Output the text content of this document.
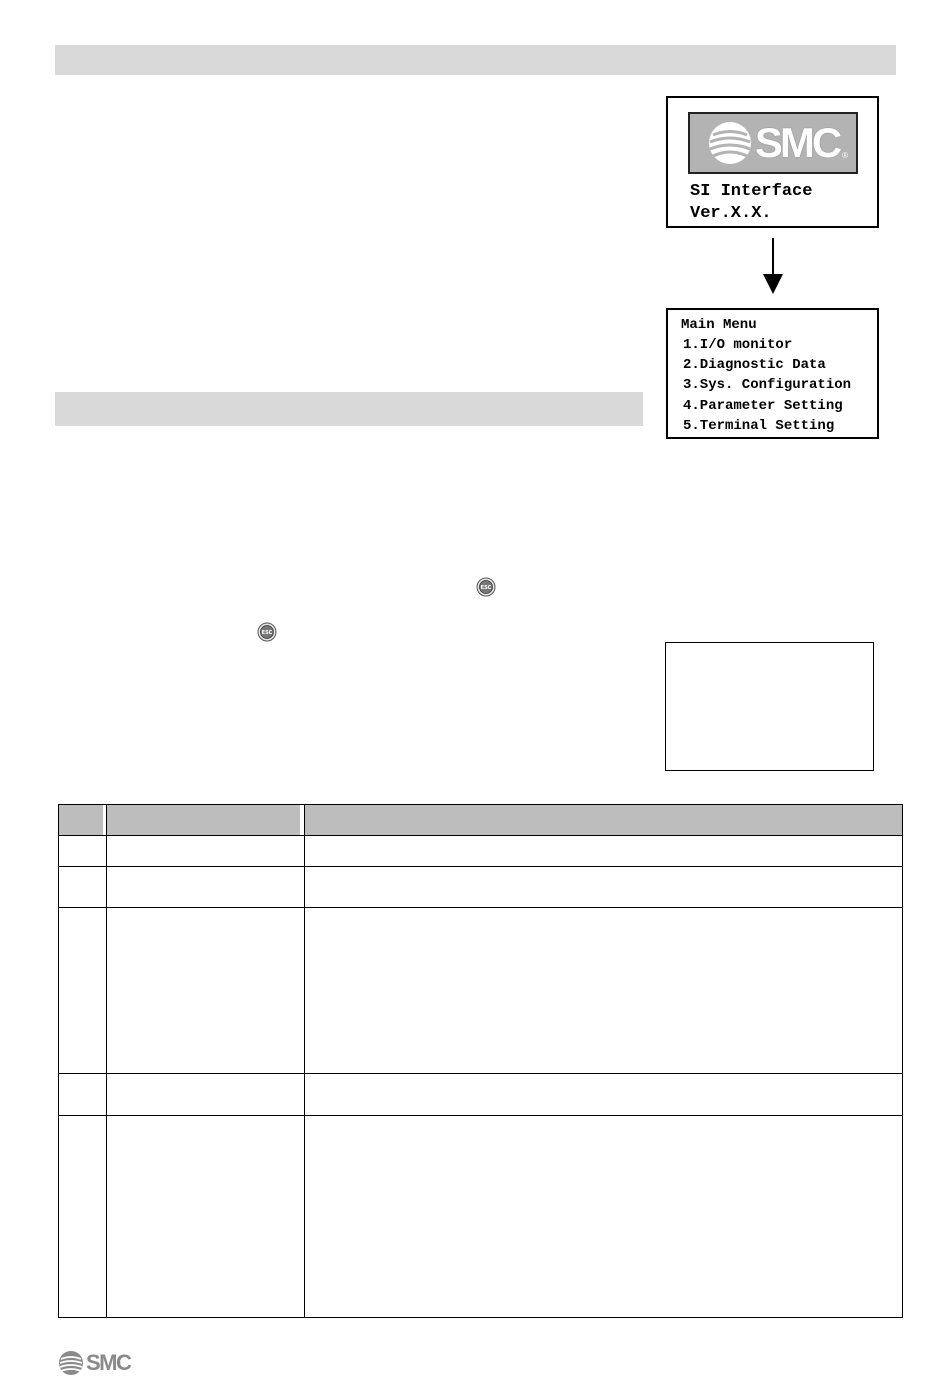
SMC ®
SI Interface
Ver.X.X.
Main Menu
1.I/O monitor
2.Diagnostic Data
3.Sys. Configuration
4.Parameter Setting
5.Terminal Setting
ESC
ESC
SMC
